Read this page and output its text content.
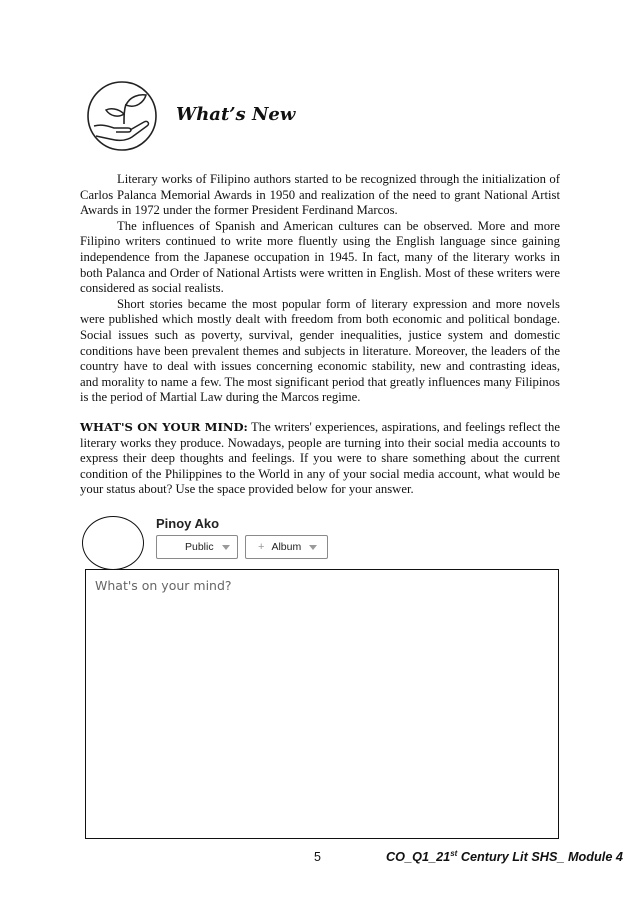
What’s New

Literary works of Filipino authors started to be recognized through the initialization of Carlos Palanca Memorial Awards in 1950 and realization of the need to grant National Artist Awards in 1972 under the former President Ferdinand Marcos.

The influences of Spanish and American cultures can be observed. More and more Filipino writers continued to write more fluently using the English language since gaining independence from the Japanese occupation in 1945. In fact, many of the literary works in both Palanca and Order of National Artists were written in English. Most of these writers were considered as social realists.

Short stories became the most popular form of literary expression and more novels were published which mostly dealt with freedom from both economic and political bondage. Social issues such as poverty, survival, gender inequalities, justice system and domestic conditions have been prevalent themes and subjects in literature. Moreover, the leaders of the country have to deal with issues concerning economic stability, new and contrasting ideas, and morality to name a few. The most significant period that greatly influences many Filipinos is the period of Martial Law during the Marcos regime.

WHAT'S ON YOUR MIND: The writers' experiences, aspirations, and feelings reflect the literary works they produce. Nowadays, people are turning into their social media accounts to express their deep thoughts and feelings. If you were to share something about the current condition of the Philippines to the World in any of your social media account, what would be your status about? Use the space provided below for your answer.

Pinoy Ako
Public	+ Album
What's on your mind?
5	CO_Q1_21st Century Lit SHS_ Module 4
